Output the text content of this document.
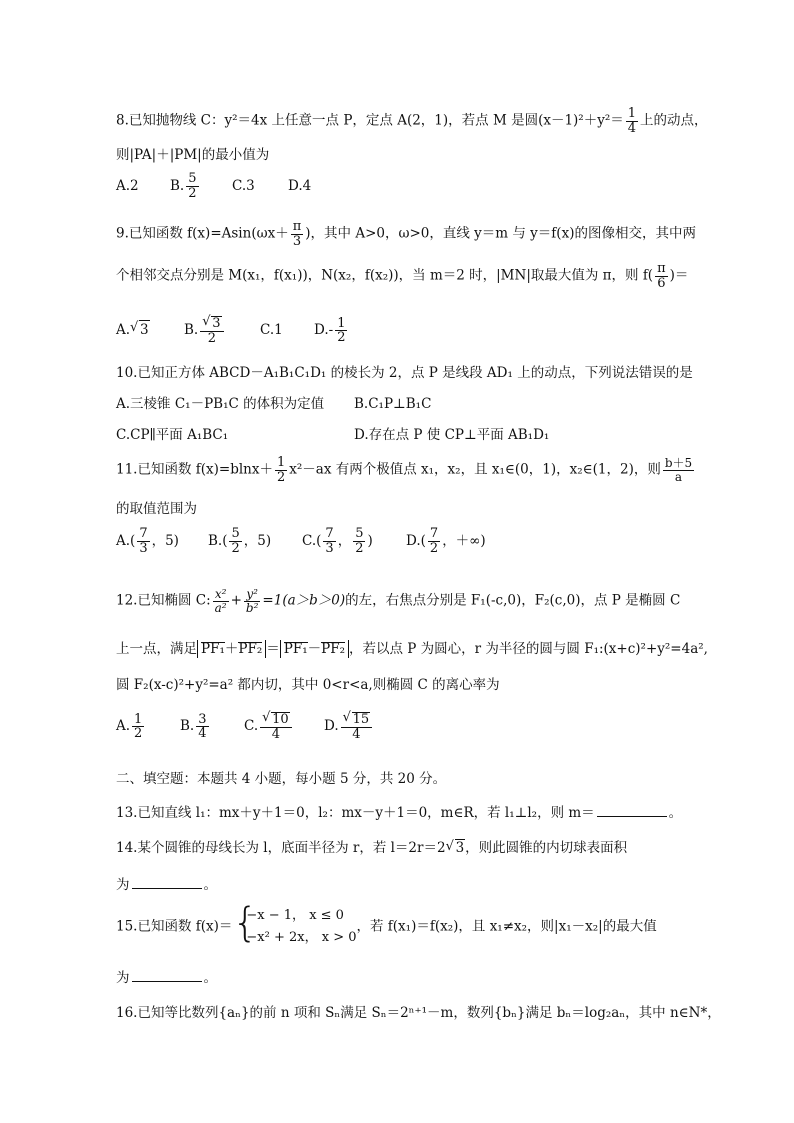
8.已知抛物线 C：y²＝4x 上任意一点 P，定点 A(2，1)，若点 M 是圆$(x-1)^2+y^2= \frac{1}{4}$ 上的动点，
则|PA|＋|PM|的最小值为
A.2 B. $\frac{5}{2} C.3$ D.4
9.已知函数 $f(x)=Asin(\omega x+ \frac{\pi}{3}$ )，其中 A>0，ω>0，直线 y＝m 与 y＝f(x)的图像相交，其中两
个相邻交点分别是 M(x₁，f(x₁))，N(x₂，f(x₂))，当 m＝2 时，|MN|取最大值为 π，则 $f( \frac{\pi}{6}$ )＝
A. √ 3	B. √ $\frac{3}{2}$	C.1 $D.- \frac{1}{2}$
10.已知正方体 ABCD－A₁B₁C₁D₁ 的棱长为 2，点 P 是线段 AD₁ 上的动点，下列说法错误的是
A.三棱锥 C₁－PB₁C 的体积为定值 B.C₁P⊥B₁C
C.CP∥平面 A₁BC₁	D.存在点 P 使 CP⊥平面 AB₁D₁
11.已知函数 $f(x)=blnx+ \frac{1}{2} x^2-ax$ 有两个极值点 x₁，x₂，且 x₁∈(0，1)，x₂∈(1，2)，则 $\frac{b+5}{a}$
的取值范围为
$A.( \frac{7}{3}$ ，5) $B.( \frac{5}{2}$ ，5) $C.( \frac{7}{3}$ ， $\frac{5}{2}$ ) $D.( \frac{7}{2}$ ，＋∞)
12.已知椭圆 C: $\frac{\text{x²}}{\text{a²}} + \frac{\text{y²}}{\text{b²}} =1(a>b>0)$的左，右焦点分别是 F₁(-c,0)，F₂(c,0)，点 P 是椭圆 C
上一点，满足 PF₁＋PF₂ ＝ PF₁－PF₂ ，若以点 P 为圆心，r 为半径的圆与圆 F₁:(x+c)²+y²=4a²,
圆 F₂(x-c)²+y²=a² 都内切，其中 0<r<a,则椭圆 C 的离心率为
A. $\frac{1}{2}$	B. $\frac{3}{4}$	C. √ $\frac{10}{4} D$. √ $\frac{15}{4}$
二、填空题：本题共 4 小题，每小题 5 分，共 20 分。
13.已知直线 l₁：mx＋y＋1＝0，l₂：mx－y＋1＝0，m∈R，若 l₁⊥l₂，则 m＝	。
14.某个圆锥的母线长为 l，底面半径为 r，若 l＝2r＝2 √ 3，则此圆锥的内切球表面积
为	。
15.已知函数 f(x)＝
{ −x − 1， x ≤ 0
−x² + 2x， x > 0
，若 f(x₁)＝f(x₂)，且 x₁≠x₂，则|x₁－x₂|的最大值
为	。
16.已知等比数列{aₙ}的前 n 项和 Sₙ满足 Sₙ＝2ⁿ⁺¹－m，数列{bₙ}满足 bₙ＝log₂aₙ，其中 n∈N*，
